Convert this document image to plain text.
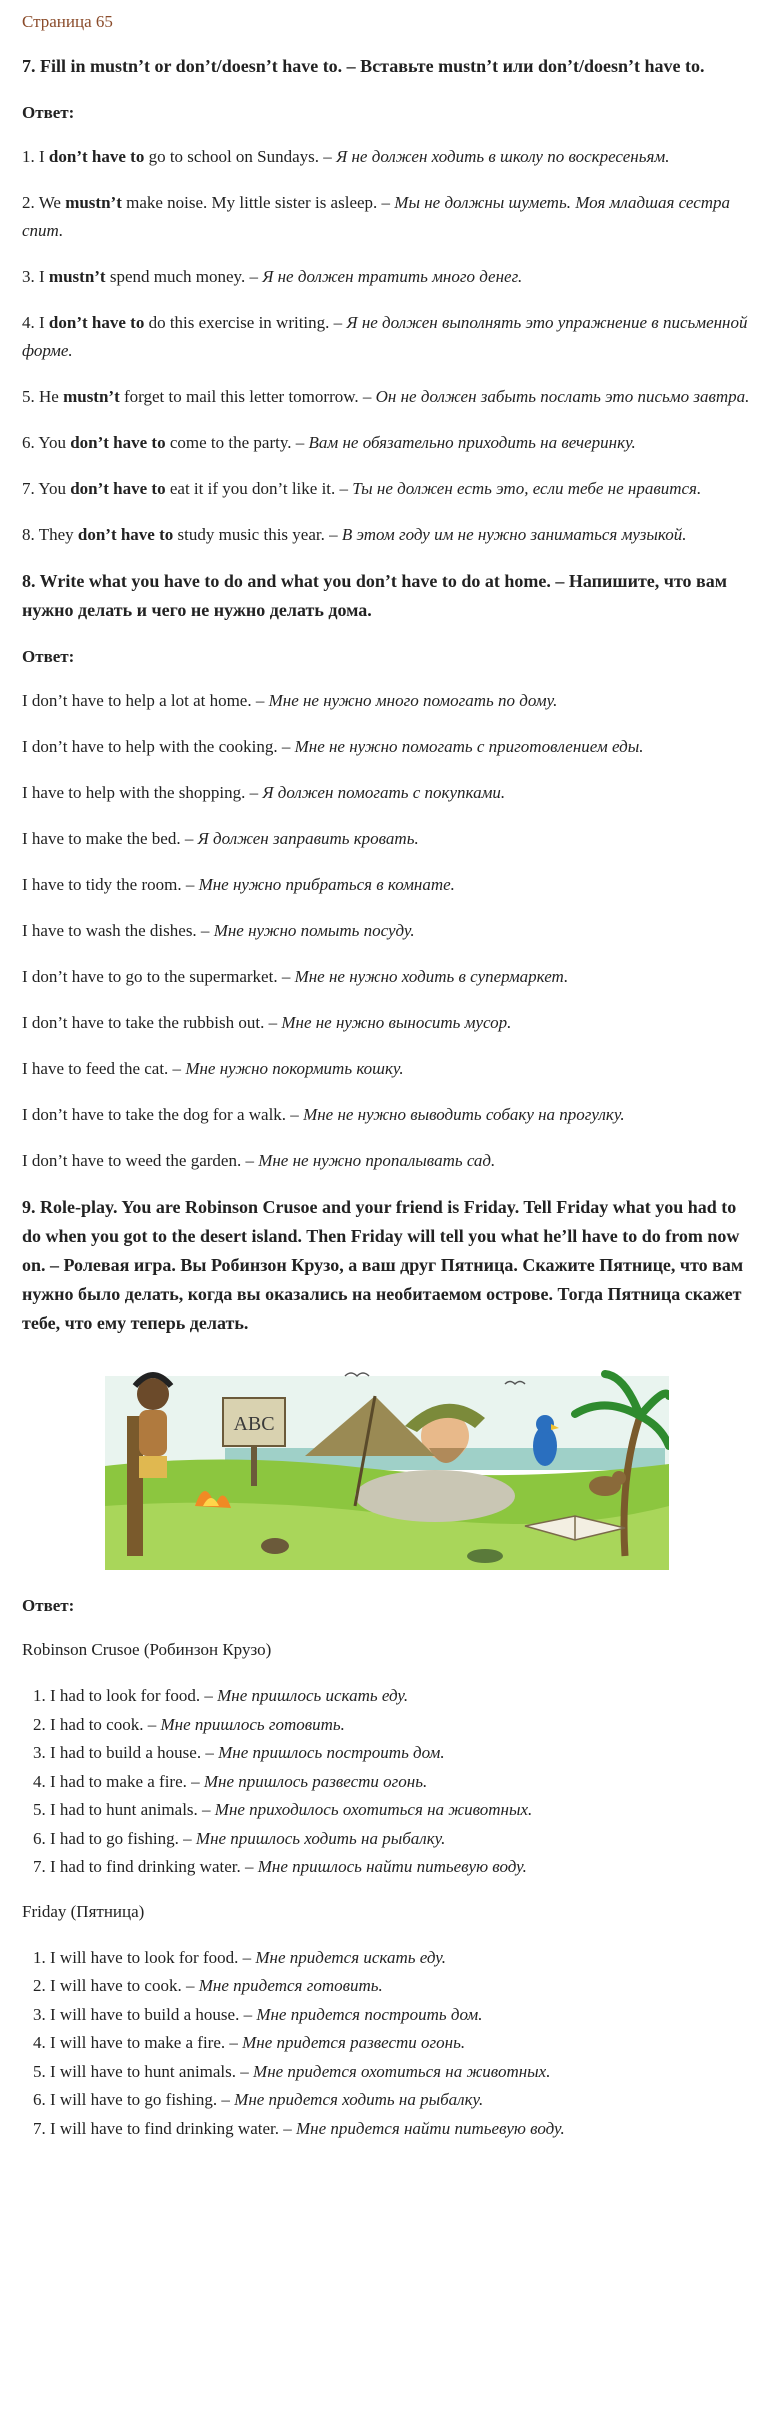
Страница 65
7. Fill in mustn’t or don’t/doesn’t have to. – Вставьте mustn’t или don’t/doesn’t have to.
Ответ:
1. I don’t have to go to school on Sundays. – Я не должен ходить в школу по воскресеньям.
2. We mustn’t make noise. My little sister is asleep. – Мы не должны шуметь. Моя младшая сестра спит.
3. I mustn’t spend much money. – Я не должен тратить много денег.
4. I don’t have to do this exercise in writing. – Я не должен выполнять это упражнение в письменной форме.
5. He mustn’t forget to mail this letter tomorrow. – Он не должен забыть послать это письмо завтра.
6. You don’t have to come to the party. – Вам не обязательно приходить на вечеринку.
7. You don’t have to eat it if you don’t like it. – Ты не должен есть это, если тебе не нравится.
8. They don’t have to study music this year. – В этом году им не нужно заниматься музыкой.
8. Write what you have to do and what you don’t have to do at home. – Напишите, что вам нужно делать и чего не нужно делать дома.
Ответ:
I don’t have to help a lot at home. – Мне не нужно много помогать по дому.
I don’t have to help with the cooking. – Мне не нужно помогать с приготовлением еды.
I have to help with the shopping. – Я должен помогать с покупками.
I have to make the bed. – Я должен заправить кровать.
I have to tidy the room. – Мне нужно прибраться в комнате.
I have to wash the dishes. – Мне нужно помыть посуду.
I don’t have to go to the supermarket. – Мне не нужно ходить в супермаркет.
I don’t have to take the rubbish out. – Мне не нужно выносить мусор.
I have to feed the cat. – Мне нужно покормить кошку.
I don’t have to take the dog for a walk. – Мне не нужно выводить собаку на прогулку.
I don’t have to weed the garden. – Мне не нужно пропалывать сад.
9. Role-play. You are Robinson Crusoe and your friend is Friday. Tell Friday what you had to do when you got to the desert island. Then Friday will tell you what he’ll have to do from now on. – Ролевая игра. Вы Робинзон Крузо, а ваш друг Пятница. Скажите Пятнице, что вам нужно было делать, когда вы оказались на необитаемом острове. Тогда Пятница скажет тебе, что ему теперь делать.
ABC
Ответ:
Robinson Crusoe (Робинзон Крузо)
1. I had to look for food. – Мне пришлось искать еду.
2. I had to cook. – Мне пришлось готовить.
3. I had to build a house. – Мне пришлось построить дом.
4. I had to make a fire. – Мне пришлось развести огонь.
5. I had to hunt animals. – Мне приходилось охотиться на животных.
6. I had to go fishing. – Мне пришлось ходить на рыбалку.
7. I had to find drinking water. – Мне пришлось найти питьевую воду.
Friday (Пятница)
1. I will have to look for food. – Мне придется искать еду.
2. I will have to cook. – Мне придется готовить.
3. I will have to build a house. – Мне придется построить дом.
4. I will have to make a fire. – Мне придется развести огонь.
5. I will have to hunt animals. – Мне придется охотиться на животных.
6. I will have to go fishing. – Мне придется ходить на рыбалку.
7. I will have to find drinking water. – Мне придется найти питьевую воду.
